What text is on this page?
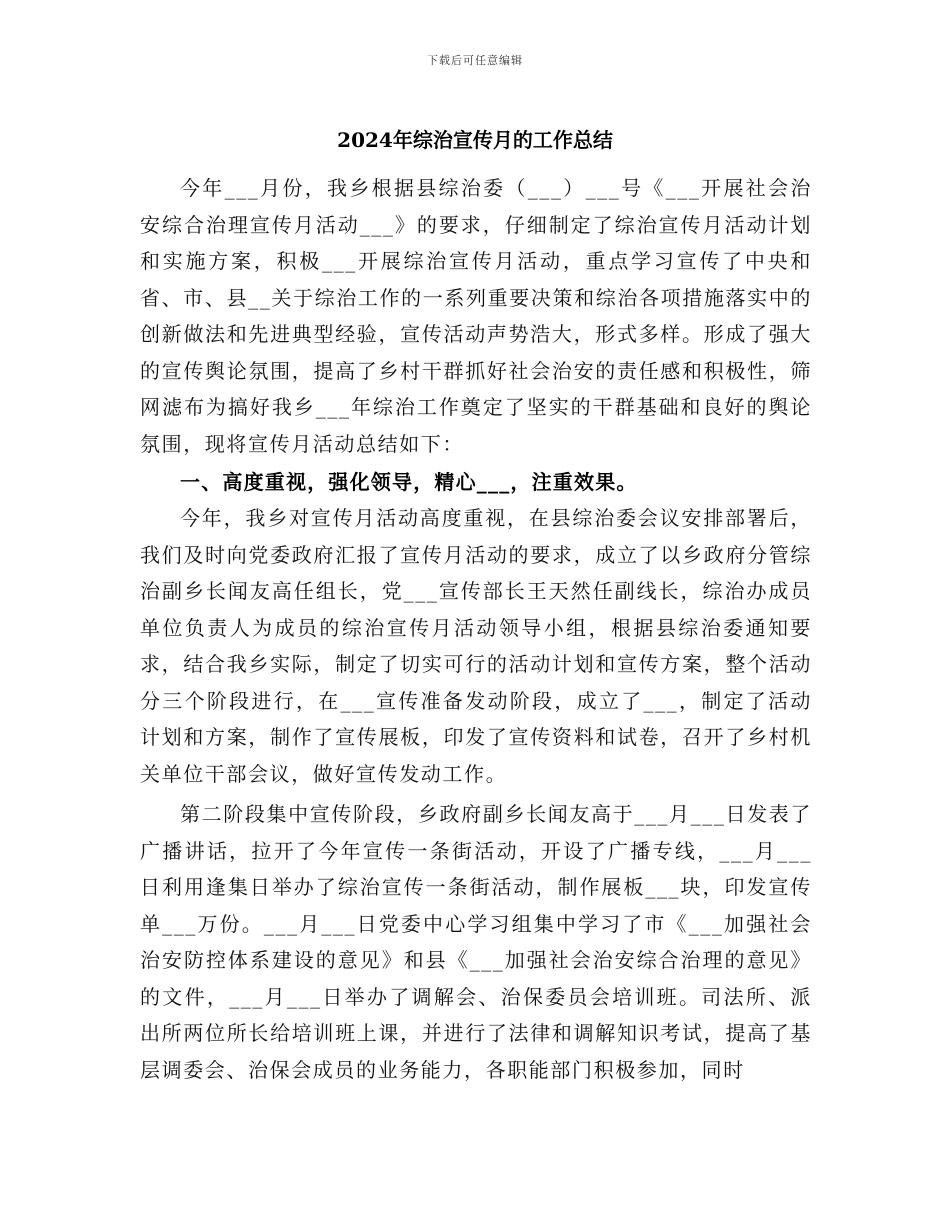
下载后可任意编辑
2024年综治宣传月的工作总结

今年___月份，我乡根据县综治委（___）___号《___开展社会治安综合治理宣传月活动___》的要求，仔细制定了综治宣传月活动计划和实施方案，积极___开展综治宣传月活动，重点学习宣传了中央和省、市、县__关于综治工作的一系列重要决策和综治各项措施落实中的创新做法和先进典型经验，宣传活动声势浩大，形式多样。形成了强大的宣传舆论氛围，提高了乡村干群抓好社会治安的责任感和积极性，筛网滤布为搞好我乡___年综治工作奠定了坚实的干群基础和良好的舆论氛围，现将宣传月活动总结如下：

一、高度重视，强化领导，精心___，注重效果。

今年，我乡对宣传月活动高度重视，在县综治委会议安排部署后，我们及时向党委政府汇报了宣传月活动的要求，成立了以乡政府分管综治副乡长闻友高任组长，党___宣传部长王天然任副线长，综治办成员单位负责人为成员的综治宣传月活动领导小组，根据县综治委通知要求，结合我乡实际，制定了切实可行的活动计划和宣传方案，整个活动分三个阶段进行，在___宣传准备发动阶段，成立了___，制定了活动计划和方案，制作了宣传展板，印发了宣传资料和试卷，召开了乡村机关单位干部会议，做好宣传发动工作。

第二阶段集中宣传阶段，乡政府副乡长闻友高于___月___日发表了广播讲话，拉开了今年宣传一条街活动，开设了广播专线，___月___日利用逢集日举办了综治宣传一条街活动，制作展板___块，印发宣传单___万份。___月___日党委中心学习组集中学习了市《___加强社会治安防控体系建设的意见》和县《___加强社会治安综合治理的意见》的文件，___月___日举办了调解会、治保委员会培训班。司法所、派出所两位所长给培训班上课，并进行了法律和调解知识考试，提高了基层调委会、治保会成员的业务能力，各职能部门积极参加，同时
